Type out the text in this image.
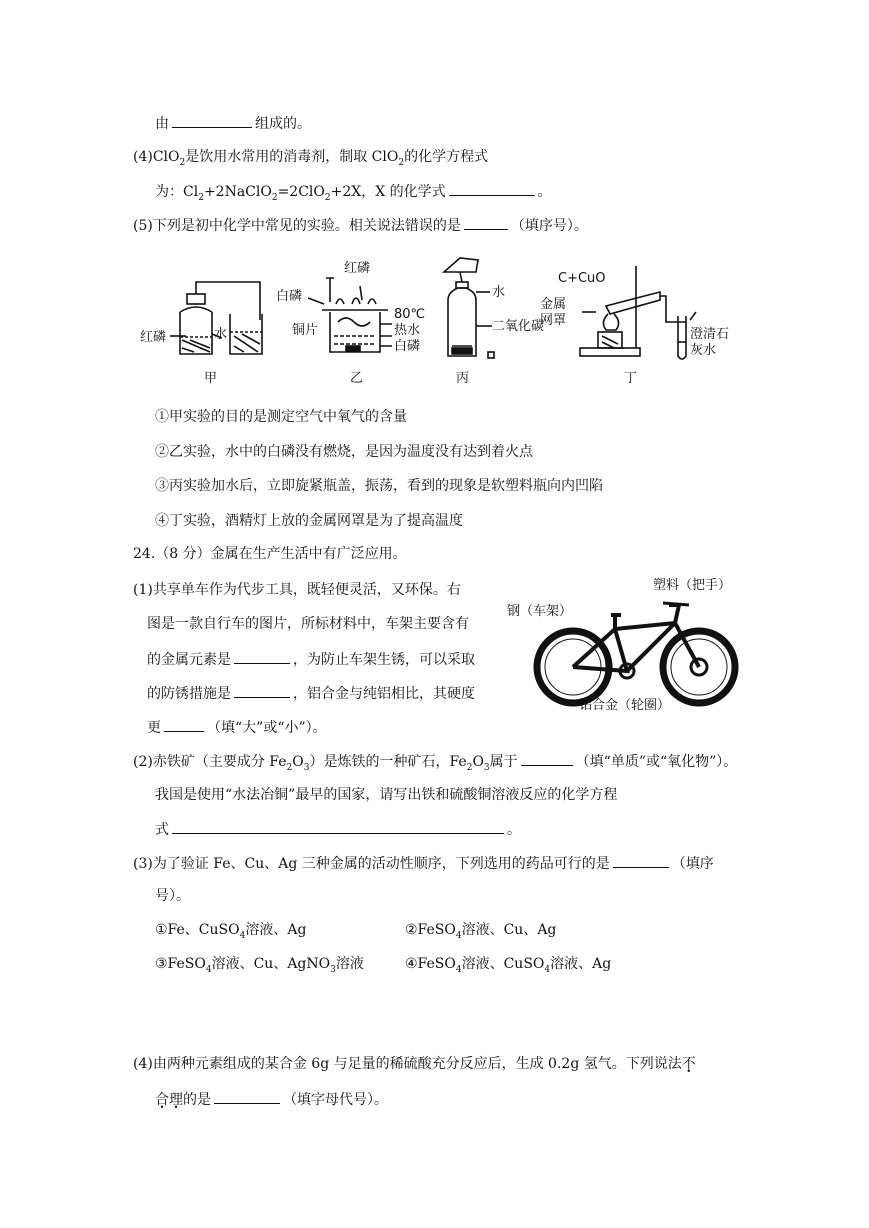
由	组成的。
(4)ClO$_2$是饮用水常用的消毒剂，制取 ClO$_2$的化学方程式
为：$Cl_2+2NaClO_2=2ClO_2+2X$，X 的化学式	。
(5)下列是初中化学中常见的实验。相关说法错误的是	（填序号）。
红磷	水
甲
红磷
白磷
铜片
80℃
热水
白磷
乙
水
二氧化碳
丙
C+CuO
金属
网罩
澄清石
灰水
丁
①甲实验的目的是测定空气中氧气的含量
②乙实验，水中的白磷没有燃烧，是因为温度没有达到着火点
③丙实验加水后，立即旋紧瓶盖，振荡，看到的现象是软塑料瓶向内凹陷
④丁实验，酒精灯上放的金属网罩是为了提高温度
24.（8 分）金属在生产生活中有广泛应用。
(1)共享单车作为代步工具，既轻便灵活，又环保。右
图是一款自行车的图片，所标材料中，车架主要含有
的金属元素是	，为防止车架生锈，可以采取
的防锈措施是	，铝合金与纯铝相比，其硬度
更	（填“大”或“小”）。
塑料（把手）
钢（车架）
铝合金（轮圈）
(2)赤铁矿（主要成分 $Fe_2O_3$）是炼铁的一种矿石，$Fe_2O_3$属于	（填“单质”或“氧化物”）。
我国是使用“水法冶铜”最早的国家，请写出铁和硫酸铜溶液反应的化学方程
式	。
(3)为了验证 Fe、Cu、Ag 三种金属的活动性顺序，下列选用的药品可行的是	（填序
号）。
①Fe、CuSO$_4$溶液、Ag	②FeSO$_4$溶液、Cu、Ag
③FeSO$_4$溶液、Cu、AgNO$_3$溶液	④FeSO$_4$溶液、CuSO$_4$溶液、Ag
(4)由两种元素组成的某合金 6g 与足量的稀硫酸充分反应后，生成 0.2g 氢气。下列说法不
合理的是	（填字母代号）。
